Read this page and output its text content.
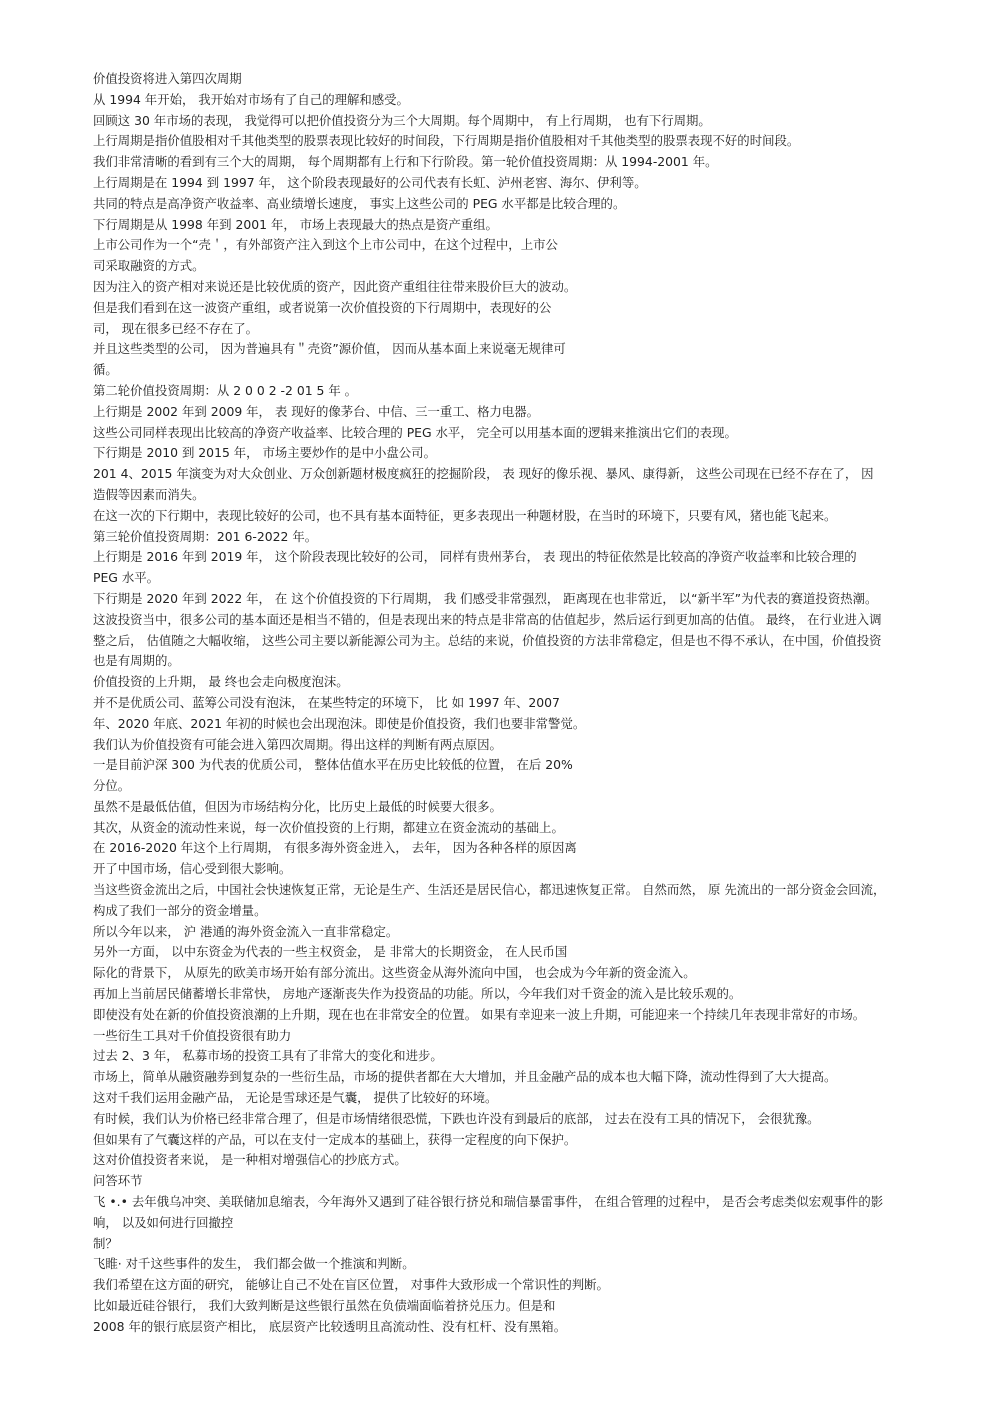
价值投资将进入第四次周期

从 1994 年开始， 我开始对市场有了自己的理解和感受。

回顾这 30 年市场的表现， 我觉得可以把价值投资分为三个大周期。每个周期中， 有上行周期， 也有下行周期。

上行周期是指价值股相对千其他类型的股票表现比较好的时间段，下行周期是指价值股相对千其他类型的股票表现不好的时间段。

我们非常清晰的看到有三个大的周期， 每个周期都有上行和下行阶段。第一轮价值投资周期：从 1994-2001 年。

上行周期是在 1994 到 1997 年， 这个阶段表现最好的公司代表有长虹、泸州老窖、海尔、伊利等。

共同的特点是高净资产收益率、高业绩增长速度， 事实上这些公司的 PEG 水平都是比较合理的。

下行周期是从 1998 年到 2001 年， 市场上表现最大的热点是资产重组。

上市公司作为一个“壳＇，有外部资产注入到这个上市公司中，在这个过程中，上市公

司采取融资的方式。

因为注入的资产相对来说还是比较优质的资产，因此资产重组往往带来股价巨大的波动。

但是我们看到在这一波资产重组，或者说第一次价值投资的下行周期中，表现好的公

司， 现在很多已经不存在了。

并且这些类型的公司， 因为普遍具有＂壳资”源价值， 因而从基本面上来说毫无规律可

循。

第二轮价值投资周期：从 2 0 0 2 -2 01 5 年 。

上行期是 2002 年到 2009 年， 表 现好的像茅台、中信、三一重工、格力电器。

这些公司同样表现出比较高的净资产收益率、比较合理的 PEG 水平， 完全可以用基本面的逻辑来推演出它们的表现。

下行期是 2010 到 2015 年， 市场主要炒作的是中小盘公司。

201 4、2015 年演变为对大众创业、万众创新题材极度疯狂的挖掘阶段， 表 现好的像乐视、暴风、康得新， 这些公司现在已经不存在了， 因

造假等因素而消失。

在这一次的下行期中，表现比较好的公司，也不具有基本面特征，更多表现出一种题材股，在当时的环境下，只要有风，猪也能飞起来。

第三轮价值投资周期：201 6-2022 年。

上行期是 2016 年到 2019 年， 这个阶段表现比较好的公司， 同样有贵州茅台， 表 现出的特征依然是比较高的净资产收益率和比较合理的

PEG 水平。

下行期是 2020 年到 2022 年， 在 这个价值投资的下行周期， 我 们感受非常强烈， 距离现在也非常近， 以“新半军”为代表的赛道投资热潮。

这波投资当中，很多公司的基本面还是相当不错的，但是表现出来的特点是非常高的估值起步，然后运行到更加高的估值。 最终， 在行业进入调

整之后， 估值随之大幅收缩， 这些公司主要以新能源公司为主。总结的来说，价值投资的方法非常稳定，但是也不得不承认，在中国，价值投资

也是有周期的。

价值投资的上升期， 最 终也会走向极度泡沫。

并不是优质公司、蓝筹公司没有泡沫， 在某些特定的环境下， 比 如 1997 年、2007

年、2020 年底、2021 年初的时候也会出现泡沫。即使是价值投资，我们也要非常警觉。

我们认为价值投资有可能会进入第四次周期。得出这样的判断有两点原因。

一是目前沪深 300 为代表的优质公司， 整体估值水平在历史比较低的位置， 在后 20%

分位。

虽然不是最低估值，但因为市场结构分化，比历史上最低的时候要大很多。

其次，从资金的流动性来说，每一次价值投资的上行期，都建立在资金流动的基础上。

在 2016-2020 年这个上行周期， 有很多海外资金进入， 去年， 因为各种各样的原因离

开了中国市场，信心受到很大影响。

当这些资金流出之后，中国社会快速恢复正常，无论是生产、生活还是居民信心，都迅速恢复正常。 自然而然， 原 先流出的一部分资金会回流，

构成了我们一部分的资金增量。

所以今年以来， 沪 港通的海外资金流入一直非常稳定。

另外一方面， 以中东资金为代表的一些主权资金， 是 非常大的长期资金， 在人民币国

际化的背景下， 从原先的欧美市场开始有部分流出。这些资金从海外流向中国， 也会成为今年新的资金流入。

再加上当前居民储蓄增长非常快， 房地产逐渐丧失作为投资品的功能。所以，今年我们对千资金的流入是比较乐观的。

即使没有处在新的价值投资浪潮的上升期，现在也在非常安全的位置。 如果有幸迎来一波上升期，可能迎来一个持续几年表现非常好的市场。

一些衍生工具对千价值投资很有助力

过去 2、3 年， 私募市场的投资工具有了非常大的变化和进步。

市场上，简单从融资融券到复杂的一些衍生品，市场的提供者都在大大增加，并且金融产品的成本也大幅下降，流动性得到了大大提高。

这对千我们运用金融产品， 无论是雪球还是气囊， 提供了比较好的环境。

有时候，我们认为价格已经非常合理了，但是市场情绪很恐慌，下跌也许没有到最后的底部， 过去在没有工具的情况下， 会很犹豫。

但如果有了气囊这样的产品，可以在支付一定成本的基础上，获得一定程度的向下保护。

这对价值投资者来说， 是一种相对增强信心的抄底方式。

问答环节

飞 •.• 去年俄乌冲突、美联储加息缩表，今年海外又遇到了硅谷银行挤兑和瑞信暴雷事件， 在组合管理的过程中， 是否会考虑类似宏观事件的影

响， 以及如何进行回撤控

制？

飞睢· 对千这些事件的发生， 我们都会做一个推演和判断。

我们希望在这方面的研究， 能够让自己不处在盲区位置， 对事件大致形成一个常识性的判断。

比如最近硅谷银行， 我们大致判断是这些银行虽然在负债端面临着挤兑压力。但是和

2008 年的银行底层资产相比， 底层资产比较透明且高流动性、没有杠杆、没有黑箱。
